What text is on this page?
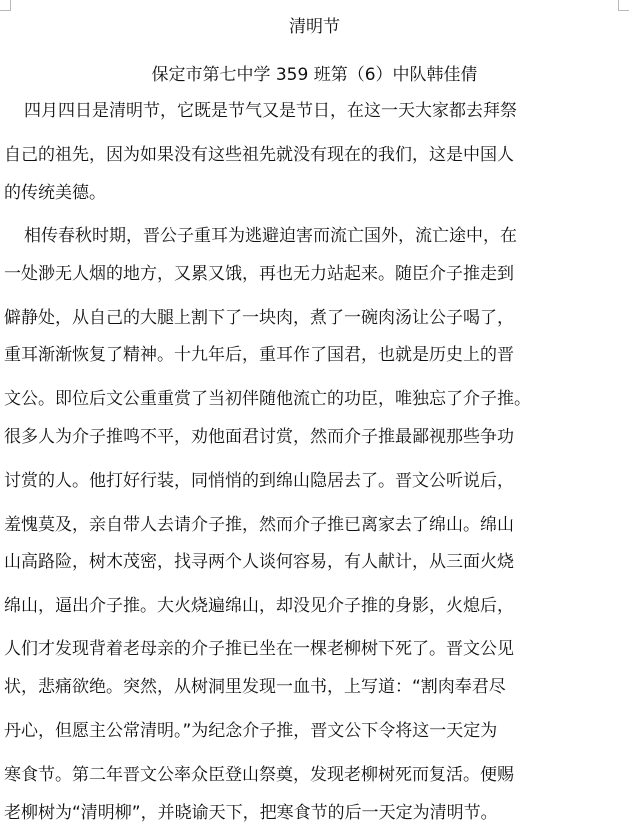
清明节
保定市第七中学 359 班第（6）中队韩佳倩
四月四日是清明节，它既是节气又是节日，在这一天大家都去拜祭
自己的祖先，因为如果没有这些祖先就没有现在的我们，这是中国人
的传统美德。
相传春秋时期，晋公子重耳为逃避迫害而流亡国外，流亡途中，在
一处渺无人烟的地方，又累又饿，再也无力站起来。随臣介子推走到
僻静处，从自己的大腿上割下了一块肉，煮了一碗肉汤让公子喝了，
重耳渐渐恢复了精神。十九年后，重耳作了国君，也就是历史上的晋
文公。即位后文公重重赏了当初伴随他流亡的功臣，唯独忘了介子推。
很多人为介子推鸣不平，劝他面君讨赏，然而介子推最鄙视那些争功
讨赏的人。他打好行装，同悄悄的到绵山隐居去了。晋文公听说后，
羞愧莫及，亲自带人去请介子推，然而介子推已离家去了绵山。绵山
山高路险，树木茂密，找寻两个人谈何容易，有人献计，从三面火烧
绵山，逼出介子推。大火烧遍绵山，却没见介子推的身影，火熄后，
人们才发现背着老母亲的介子推已坐在一棵老柳树下死了。晋文公见
状，悲痛欲绝。突然，从树洞里发现一血书，上写道：“割肉奉君尽
丹心，但愿主公常清明。”为纪念介子推，晋文公下令将这一天定为
寒食节。第二年晋文公率众臣登山祭奠，发现老柳树死而复活。便赐
老柳树为“清明柳”，并晓谕天下，把寒食节的后一天定为清明节。
